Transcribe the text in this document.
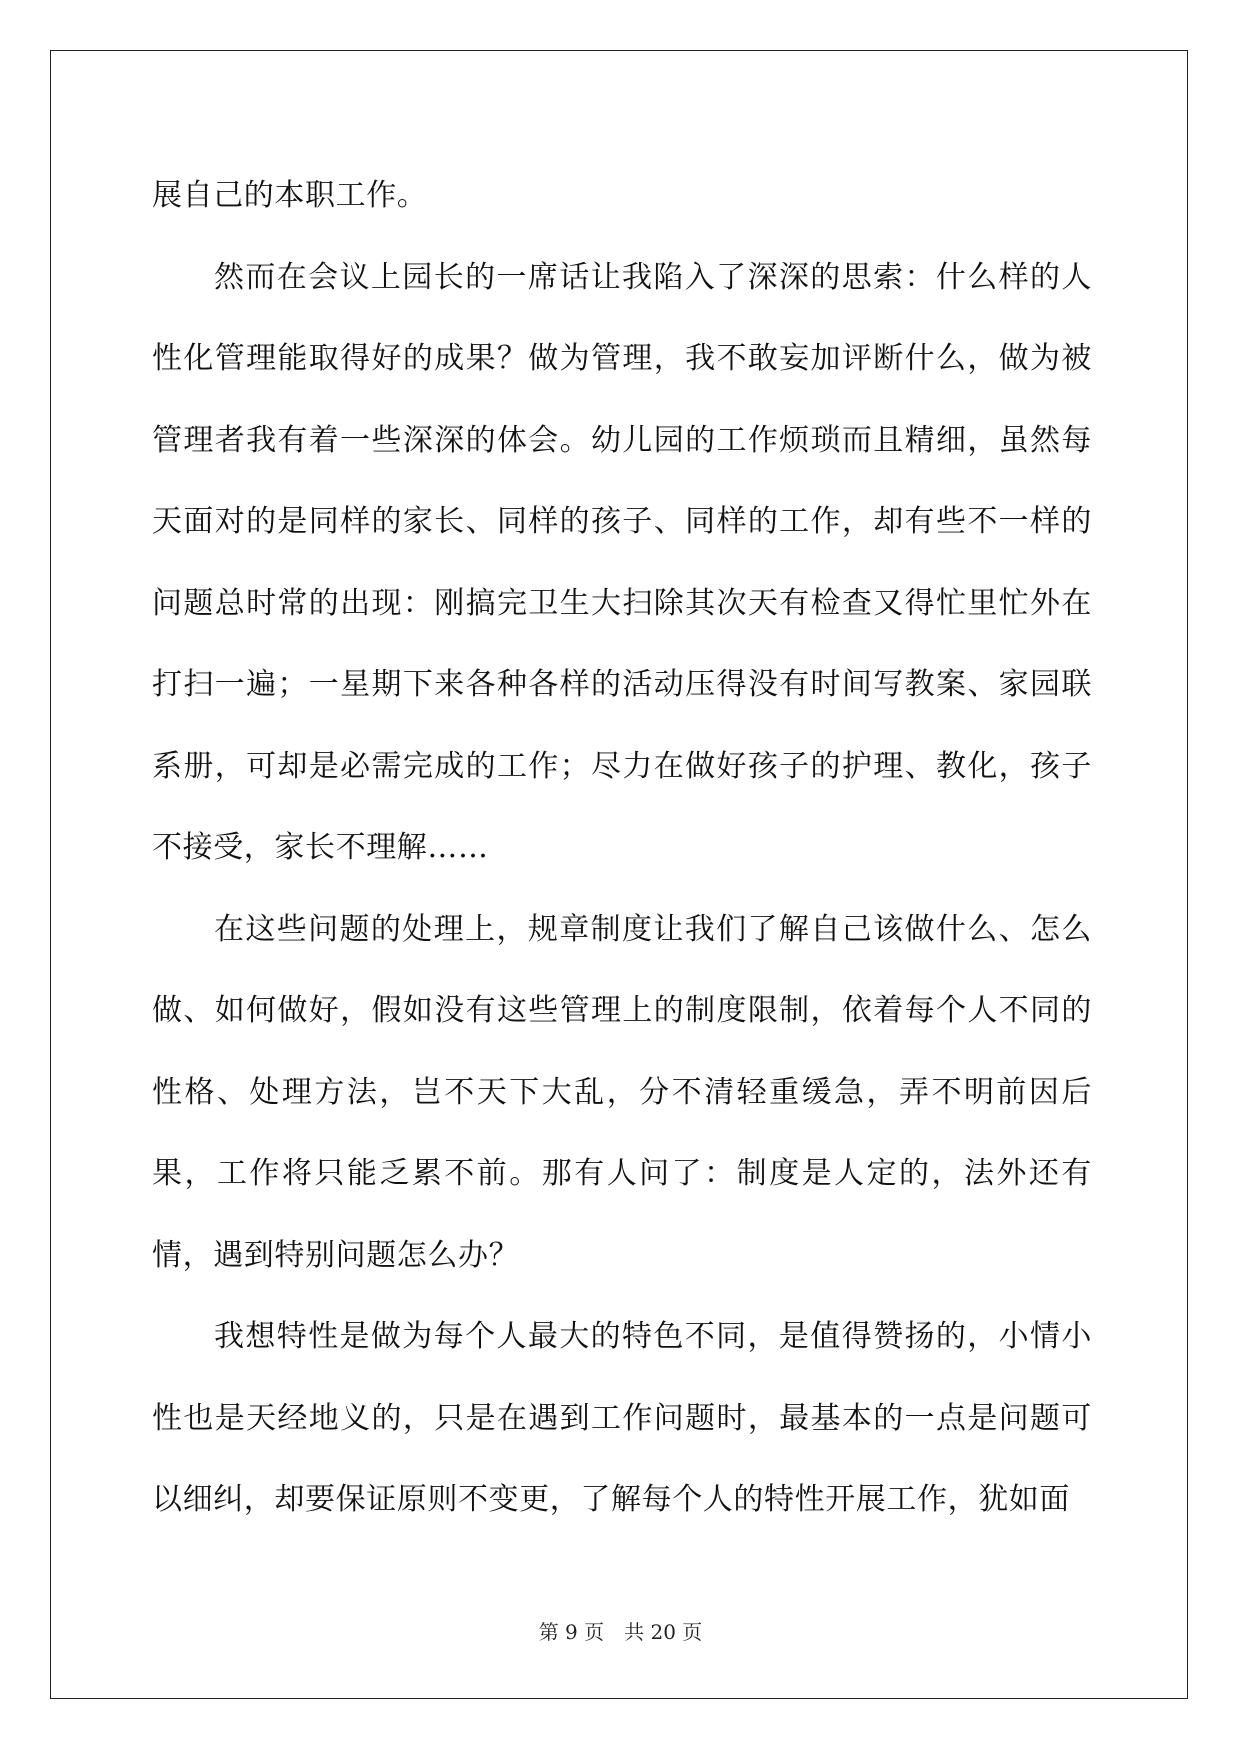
展自己的本职工作。

然而在会议上园长的一席话让我陷入了深深的思索：什么样的人性化管理能取得好的成果？做为管理，我不敢妄加评断什么，做为被管理者我有着一些深深的体会。幼儿园的工作烦琐而且精细，虽然每天面对的是同样的家长、同样的孩子、同样的工作，却有些不一样的问题总时常的出现：刚搞完卫生大扫除其次天有检查又得忙里忙外在打扫一遍；一星期下来各种各样的活动压得没有时间写教案、家园联系册，可却是必需完成的工作；尽力在做好孩子的护理、教化，孩子不接受，家长不理解……

在这些问题的处理上，规章制度让我们了解自己该做什么、怎么做、如何做好，假如没有这些管理上的制度限制，依着每个人不同的性格、处理方法，岂不天下大乱，分不清轻重缓急，弄不明前因后果，工作将只能乏累不前。那有人问了：制度是人定的，法外还有情，遇到特别问题怎么办？

我想特性是做为每个人最大的特色不同，是值得赞扬的，小情小性也是天经地义的，只是在遇到工作问题时，最基本的一点是问题可以细纠，却要保证原则不变更，了解每个人的特性开展工作，犹如面

第 9 页　共 20 页
